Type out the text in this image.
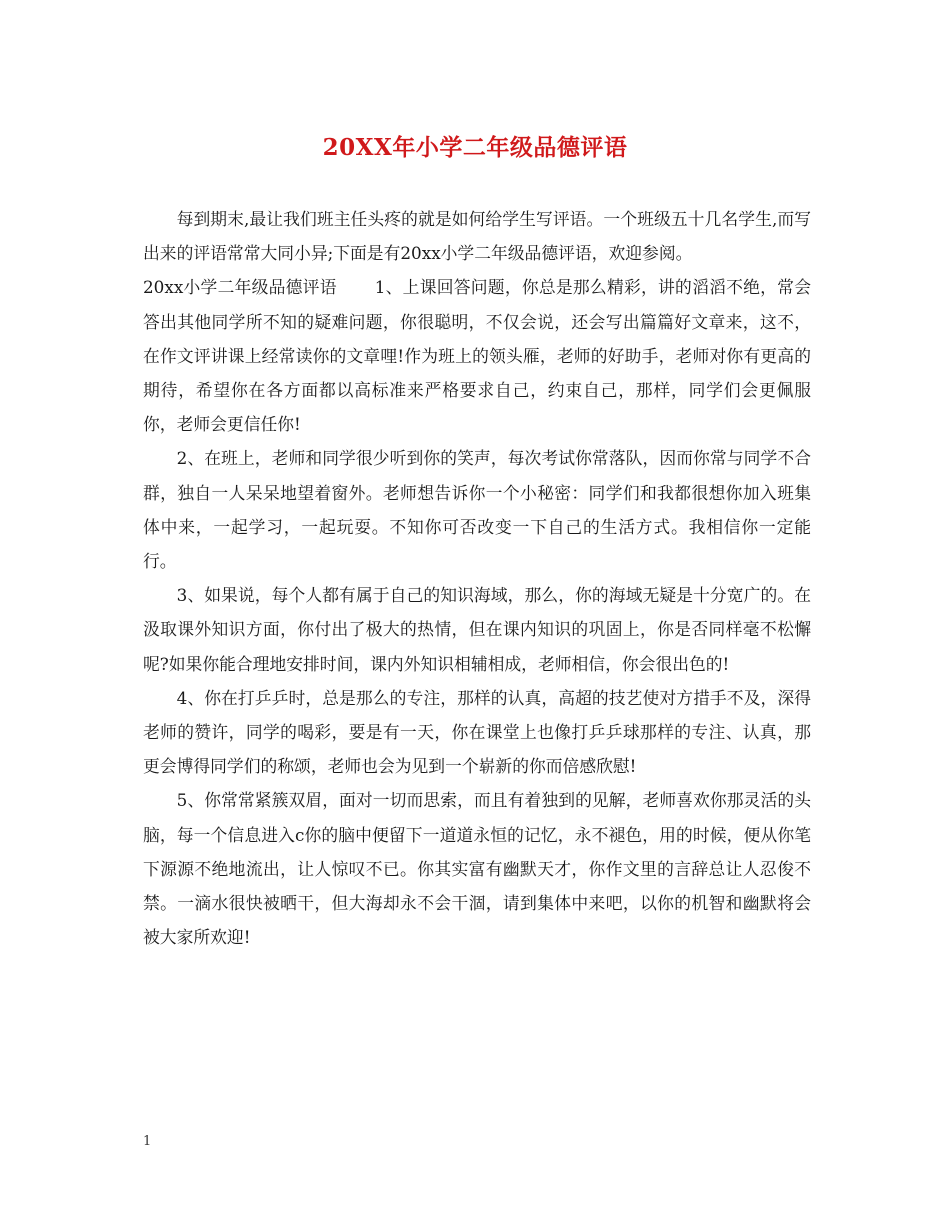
20XX年小学二年级品德评语

每到期末,最让我们班主任头疼的就是如何给学生写评语。一个班级五十几名学生,而写出来的评语常常大同小异;下面是有20xx小学二年级品德评语，欢迎参阅。

20xx小学二年级品德评语 1、上课回答问题，你总是那么精彩，讲的滔滔不绝，常会答出其他同学所不知的疑难问题，你很聪明，不仅会说，还会写出篇篇好文章来，这不，在作文评讲课上经常读你的文章哩!作为班上的领头雁，老师的好助手，老师对你有更高的期待，希望你在各方面都以高标准来严格要求自己，约束自己，那样，同学们会更佩服你，老师会更信任你!

2、在班上，老师和同学很少听到你的笑声，每次考试你常落队，因而你常与同学不合群，独自一人呆呆地望着窗外。老师想告诉你一个小秘密：同学们和我都很想你加入班集体中来，一起学习，一起玩耍。不知你可否改变一下自己的生活方式。我相信你一定能行。

3、如果说，每个人都有属于自己的知识海域，那么，你的海域无疑是十分宽广的。在汲取课外知识方面，你付出了极大的热情，但在课内知识的巩固上，你是否同样毫不松懈呢?如果你能合理地安排时间，课内外知识相辅相成，老师相信，你会很出色的!

4、你在打乒乒时，总是那么的专注，那样的认真，高超的技艺使对方措手不及，深得老师的赞许，同学的喝彩，要是有一天，你在课堂上也像打乒乒球那样的专注、认真，那更会博得同学们的称颂，老师也会为见到一个崭新的你而倍感欣慰!

5、你常常紧簇双眉，面对一切而思索，而且有着独到的见解，老师喜欢你那灵活的头脑，每一个信息进入c你的脑中便留下一道道永恒的记忆，永不褪色，用的时候，便从你笔下源源不绝地流出，让人惊叹不已。你其实富有幽默天才，你作文里的言辞总让人忍俊不禁。一滴水很快被晒干，但大海却永不会干涸，请到集体中来吧，以你的机智和幽默将会被大家所欢迎!

1
